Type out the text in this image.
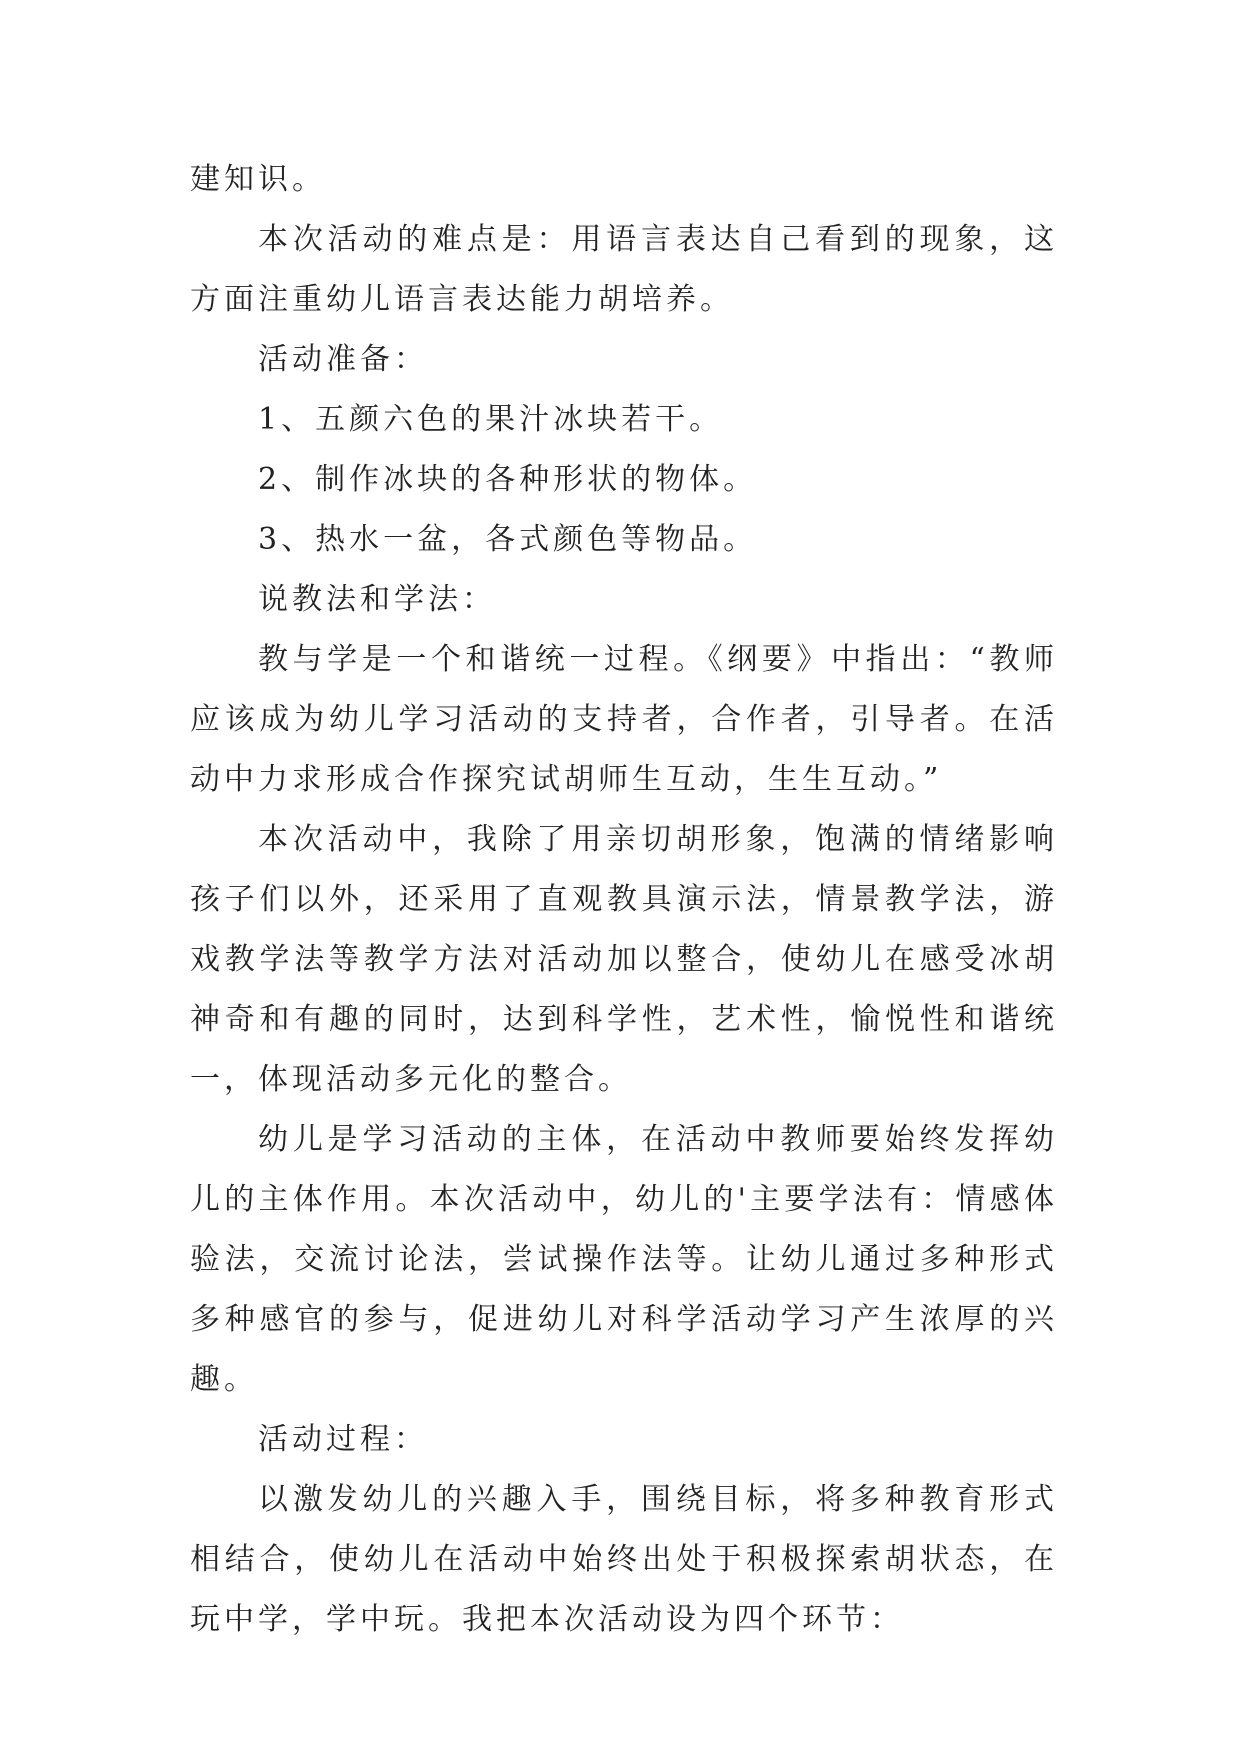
建知识。

本次活动的难点是：用语言表达自己看到的现象，这方面注重幼儿语言表达能力胡培养。

活动准备：

1、五颜六色的果汁冰块若干。

2、制作冰块的各种形状的物体。

3、热水一盆，各式颜色等物品。

说教法和学法：

教与学是一个和谐统一过程。《纲要》中指出：“教师应该成为幼儿学习活动的支持者，合作者，引导者。在活动中力求形成合作探究试胡师生互动，生生互动。”

本次活动中，我除了用亲切胡形象，饱满的情绪影响孩子们以外，还采用了直观教具演示法，情景教学法，游戏教学法等教学方法对活动加以整合，使幼儿在感受冰胡神奇和有趣的同时，达到科学性，艺术性，愉悦性和谐统一，体现活动多元化的整合。

幼儿是学习活动的主体，在活动中教师要始终发挥幼儿的主体作用。本次活动中，幼儿的'主要学法有：情感体验法，交流讨论法，尝试操作法等。让幼儿通过多种形式多种感官的参与，促进幼儿对科学活动学习产生浓厚的兴趣。

活动过程：

以激发幼儿的兴趣入手，围绕目标，将多种教育形式相结合，使幼儿在活动中始终出处于积极探索胡状态，在玩中学，学中玩。我把本次活动设为四个环节：
